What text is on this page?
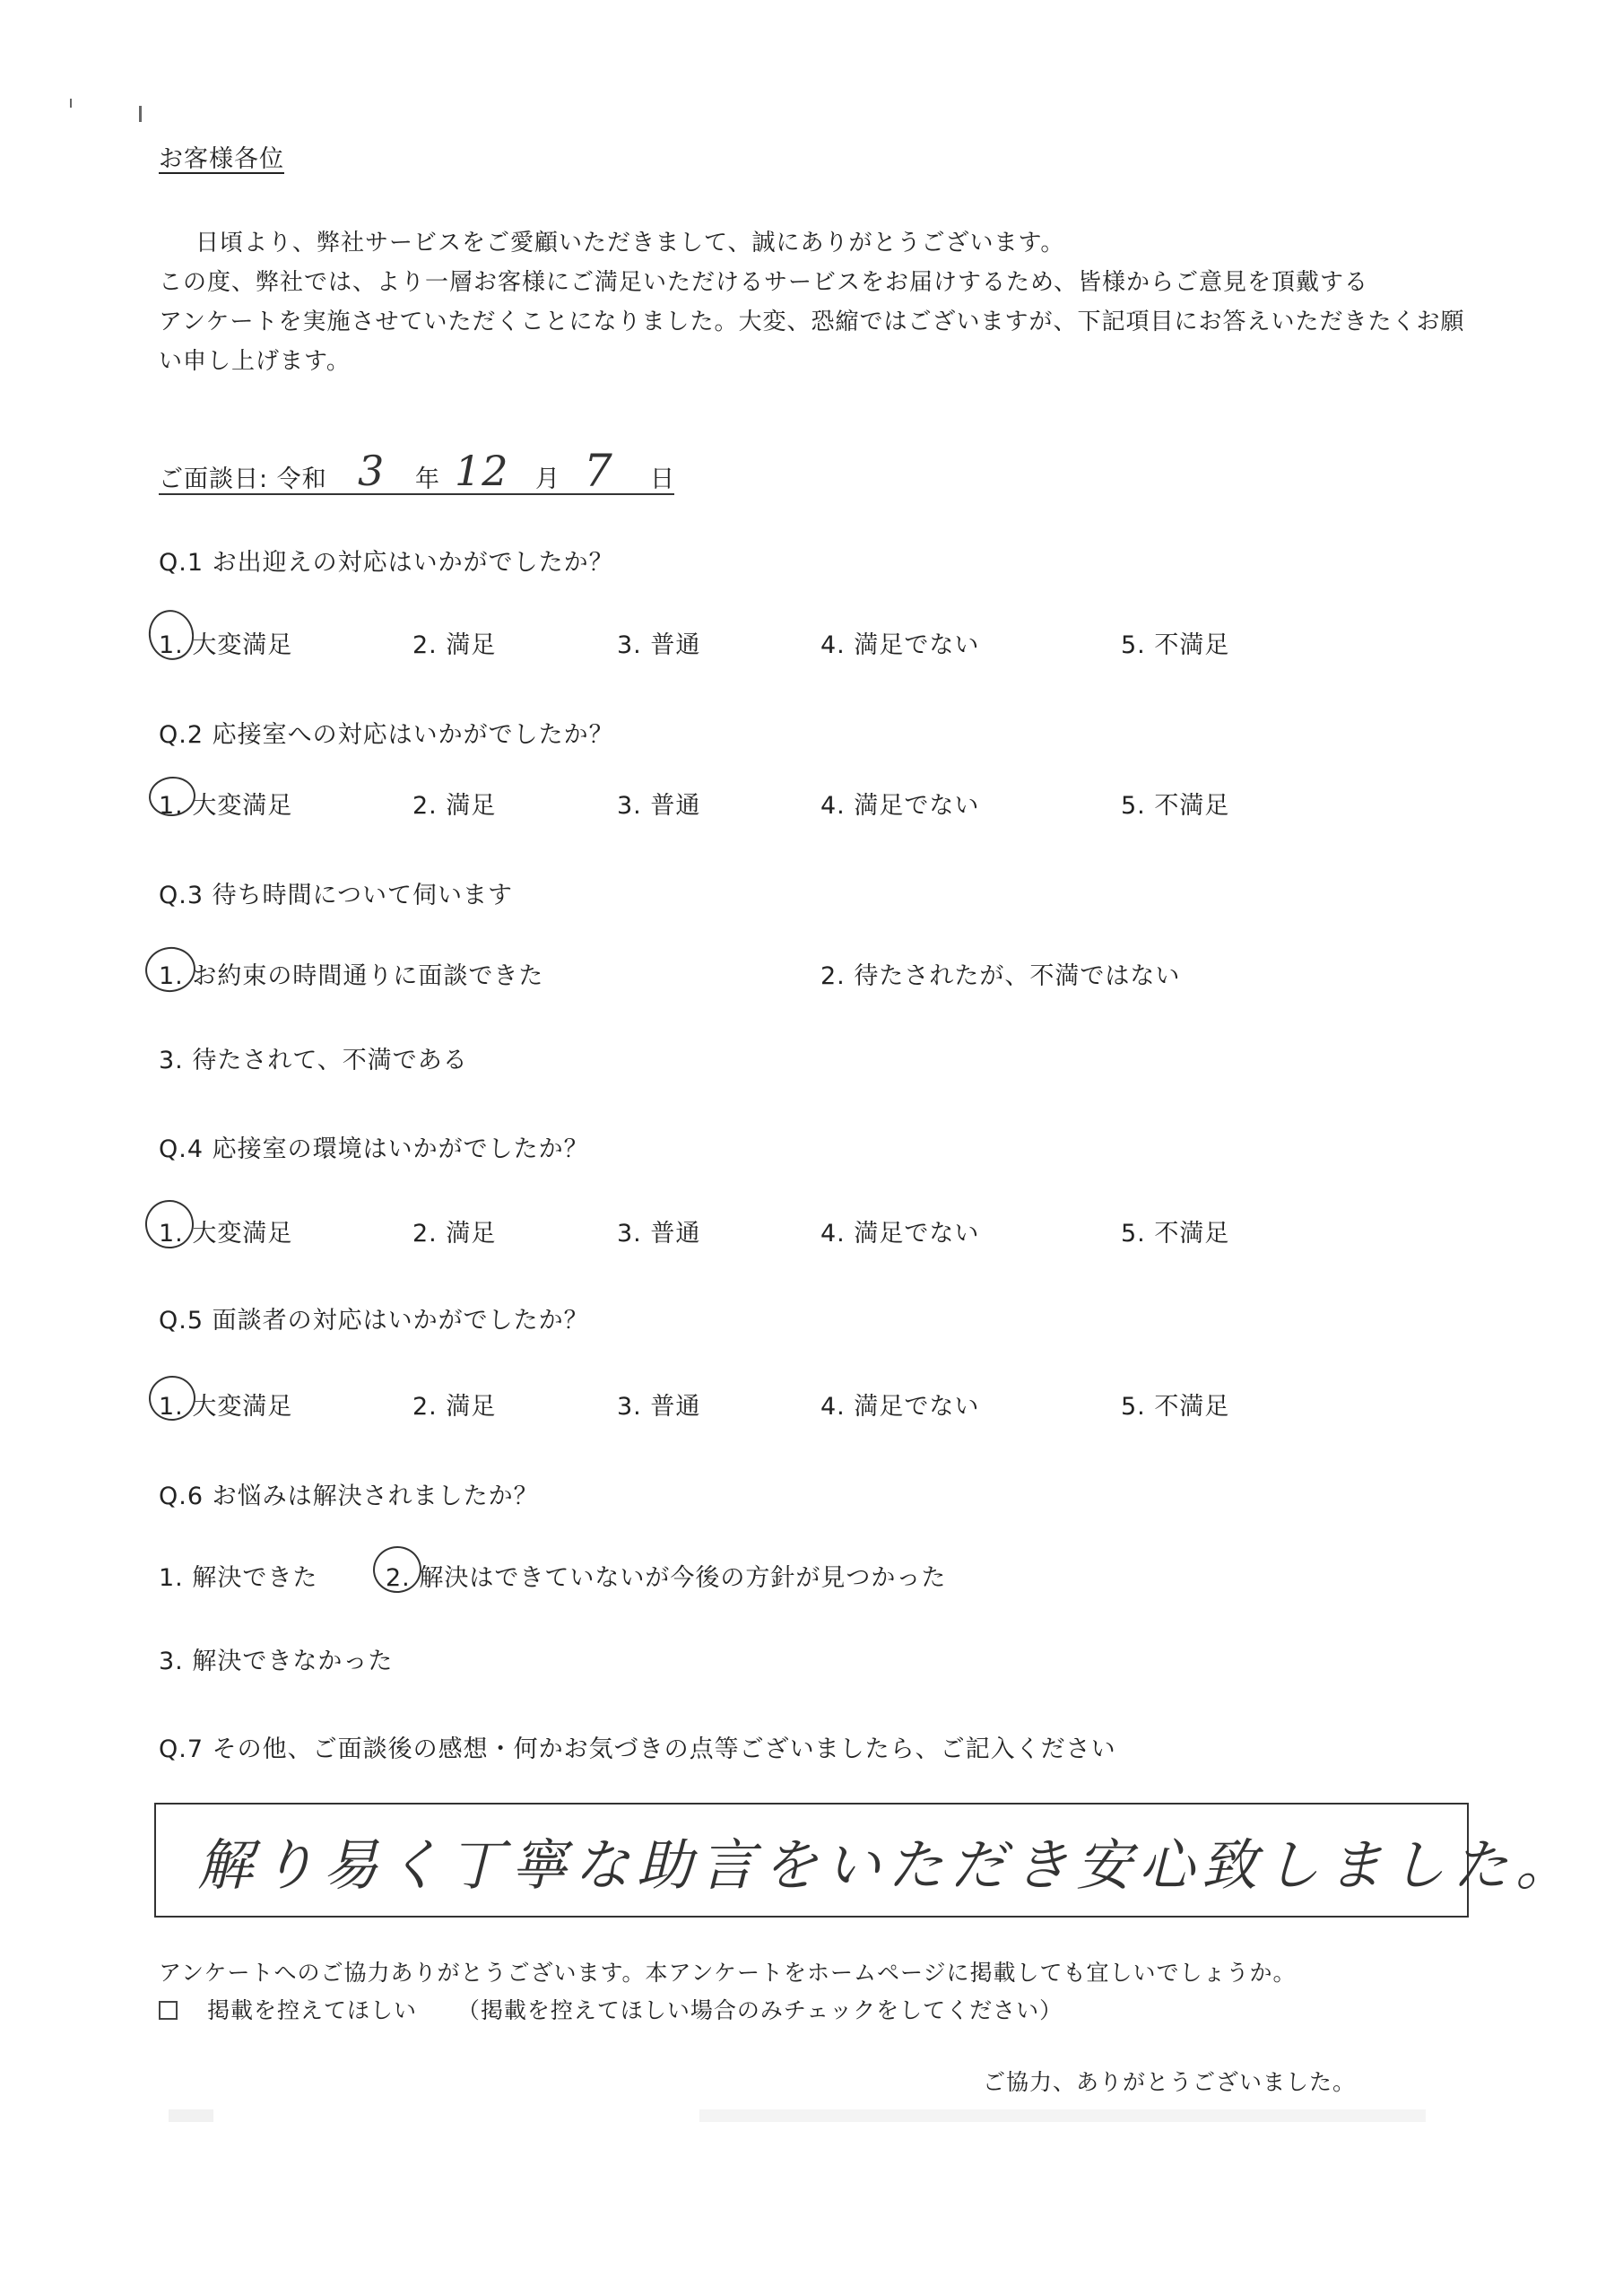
お客様各位
日頃より、弊社サービスをご愛顧いただきまして、誠にありがとうございます。
この度、弊社では、より一層お客様にご満足いただけるサービスをお届けするため、皆様からご意見を頂戴する
アンケートを実施させていただくことになりました。大変、恐縮ではございますが、下記項目にお答えいただきたくお願
い申し上げます。
ご面談日: 令和 3 年 12 月 7 日
Q.1 お出迎えの対応はいかがでしたか？
1. 大変満足	2. 満足	3. 普通	4. 満足でない	5. 不満足
Q.2 応接室への対応はいかがでしたか？
1. 大変満足	2. 満足	3. 普通	4. 満足でない	5. 不満足
Q.3 待ち時間について伺います
1. お約束の時間通りに面談できた	2. 待たされたが、不満ではない
3. 待たされて、不満である
Q.4 応接室の環境はいかがでしたか？
1. 大変満足	2. 満足	3. 普通	4. 満足でない	5. 不満足
Q.5 面談者の対応はいかがでしたか？
1. 大変満足	2. 満足	3. 普通	4. 満足でない	5. 不満足
Q.6 お悩みは解決されましたか？
1. 解決できた	2. 解決はできていないが今後の方針が見つかった
3. 解決できなかった
Q.7 その他、ご面談後の感想・何かお気づきの点等ございましたら、ご記入ください
解り易く丁寧な助言をいただき安心致しました。
アンケートへのご協力ありがとうございます。本アンケートをホームページに掲載しても宜しいでしょうか。
掲載を控えてほしい （掲載を控えてほしい場合のみチェックをしてください）
ご協力、ありがとうございました。
